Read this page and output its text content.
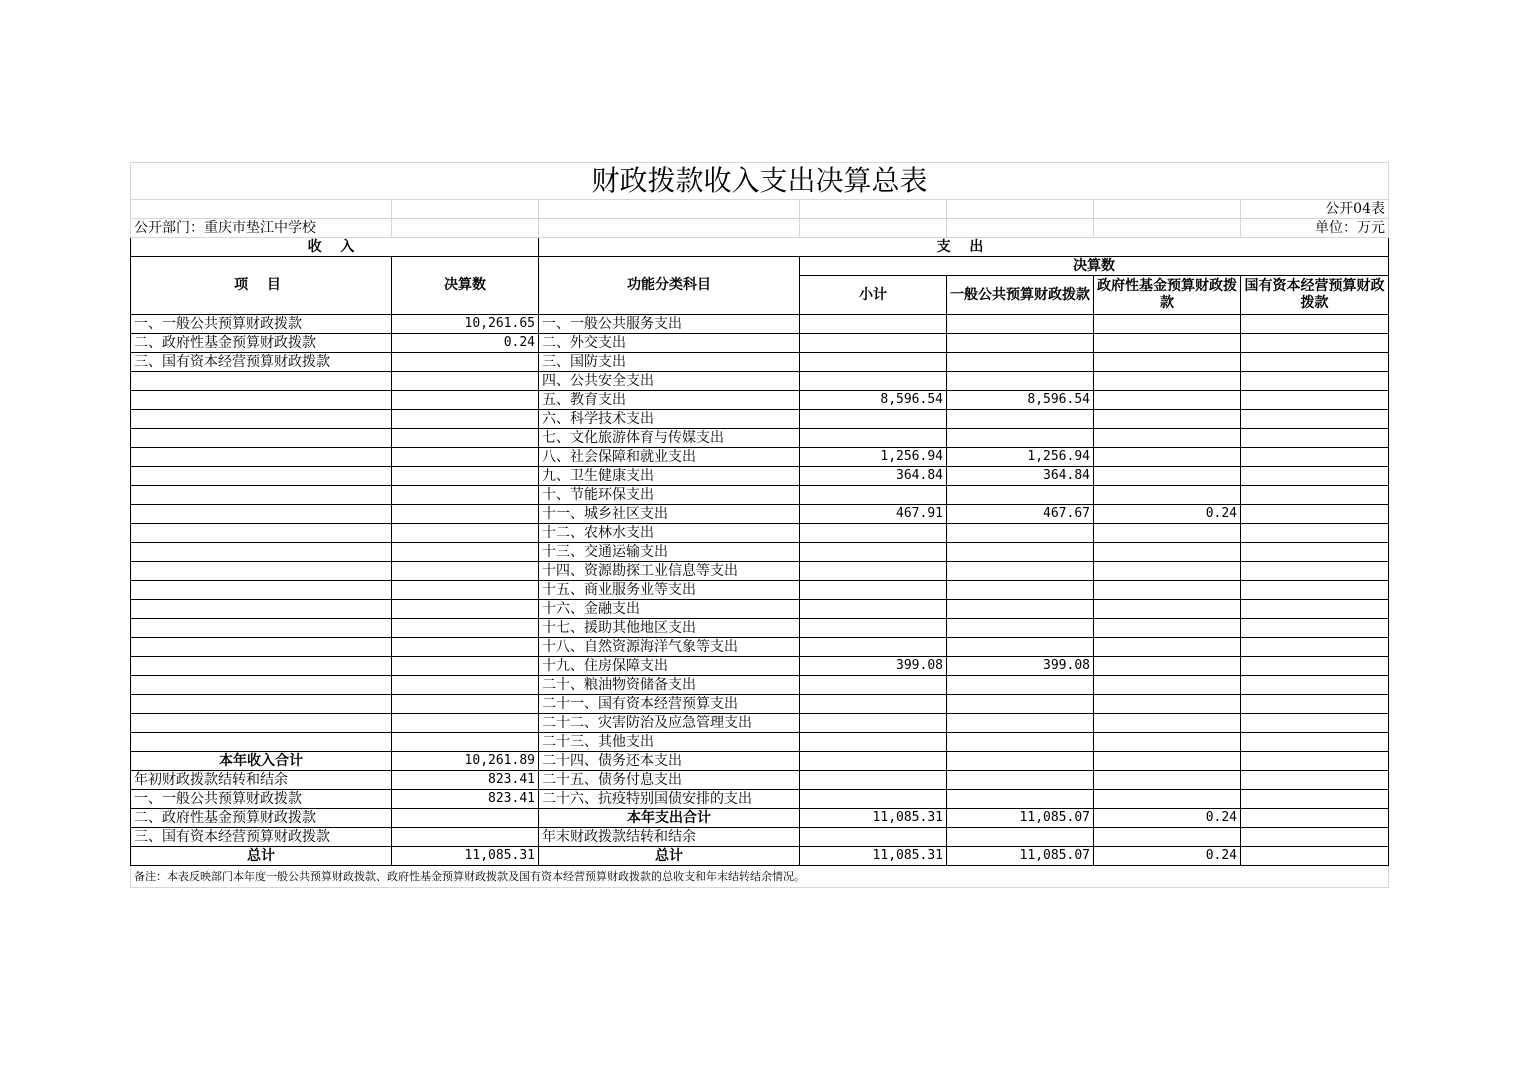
财政拨款收入支出决算总表						
						公开04表
公开部门：重庆市垫江中学校						单位：万元
收 入		支 出				
项 目	决算数	功能分类科目	决算数			
			小计	一般公共预算财政拨款	政府性基金预算财政拨款	国有资本经营预算财政拨款
一、一般公共预算财政拨款	10,261.65	一、一般公共服务支出				
二、政府性基金预算财政拨款	0.24	二、外交支出				
三、国有资本经营预算财政拨款		三、国防支出				
		四、公共安全支出				
		五、教育支出	8,596.54	8,596.54		
		六、科学技术支出				
		七、文化旅游体育与传媒支出				
		八、社会保障和就业支出	1,256.94	1,256.94		
		九、卫生健康支出	364.84	364.84		
		十、节能环保支出				
		十一、城乡社区支出	467.91	467.67	0.24	
		十二、农林水支出				
		十三、交通运输支出				
		十四、资源勘探工业信息等支出				
		十五、商业服务业等支出				
		十六、金融支出				
		十七、援助其他地区支出				
		十八、自然资源海洋气象等支出				
		十九、住房保障支出	399.08	399.08		
		二十、粮油物资储备支出				
		二十一、国有资本经营预算支出				
		二十二、灾害防治及应急管理支出				
		二十三、其他支出				
本年收入合计	10,261.89	二十四、债务还本支出				
年初财政拨款结转和结余	823.41	二十五、债务付息支出				
一、一般公共预算财政拨款	823.41	二十六、抗疫特别国债安排的支出				
二、政府性基金预算财政拨款		本年支出合计	11,085.31	11,085.07	0.24	
三、国有资本经营预算财政拨款		年末财政拨款结转和结余				
总计	11,085.31	总计	11,085.31	11,085.07	0.24	
备注：本表反映部门本年度一般公共预算财政拨款、政府性基金预算财政拨款及国有资本经营预算财政拨款的总收支和年末结转结余情况。						
